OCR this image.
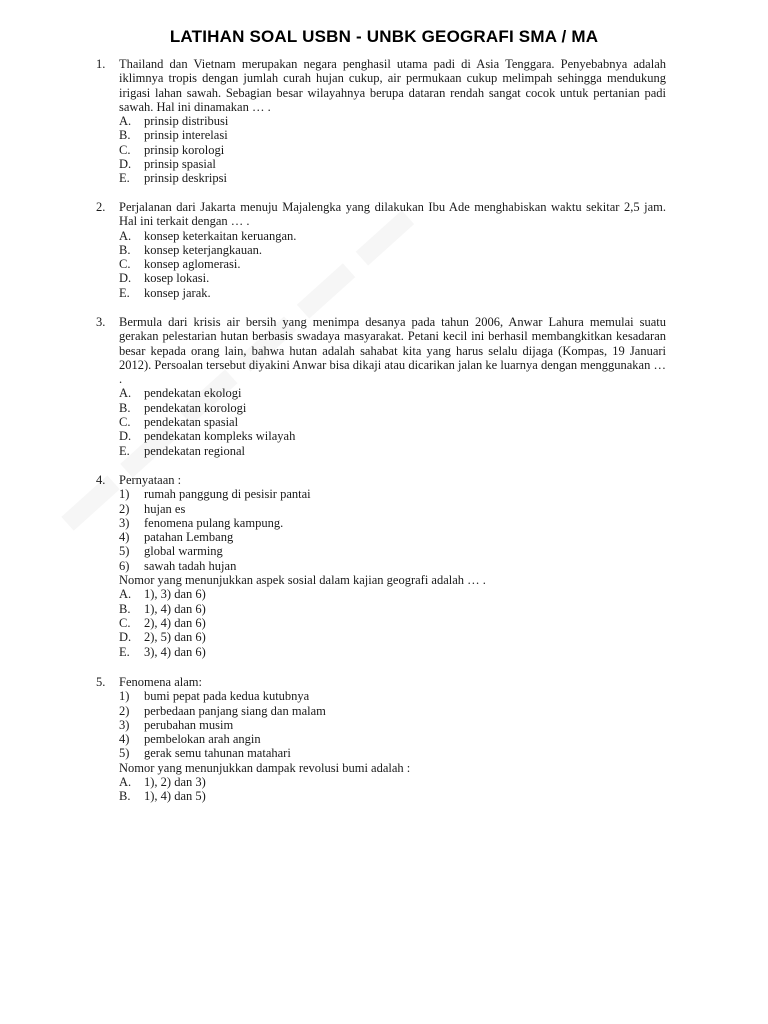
LATIHAN SOAL USBN - UNBK GEOGRAFI SMA / MA
1. Thailand dan Vietnam merupakan negara penghasil utama padi di Asia Tenggara. Penyebabnya adalah iklimnya tropis dengan jumlah curah hujan cukup, air permukaan cukup melimpah sehingga mendukung irigasi lahan sawah. Sebagian besar wilayahnya berupa dataran rendah sangat cocok untuk pertanian padi sawah. Hal ini dinamakan … .

A.	prinsip distribusi
B.	prinsip interelasi
C.	prinsip korologi
D.	prinsip spasial
E.	prinsip deskripsi
2. Perjalanan dari Jakarta menuju Majalengka yang dilakukan Ibu Ade menghabiskan waktu sekitar 2,5 jam. Hal ini terkait dengan … .

A.	konsep keterkaitan keruangan.
B.	konsep keterjangkauan.
C.	konsep aglomerasi.
D.	kosep lokasi.
E.	konsep jarak.
3. Bermula dari krisis air bersih yang menimpa desanya pada tahun 2006, Anwar Lahura memulai suatu gerakan pelestarian hutan berbasis swadaya masyarakat. Petani kecil ini berhasil membangkitkan kesadaran besar kepada orang lain, bahwa hutan adalah sahabat kita yang harus selalu dijaga (Kompas, 19 Januari 2012). Persoalan tersebut diyakini Anwar bisa dikaji atau dicarikan jalan ke luarnya dengan menggunakan … .

A.	pendekatan ekologi
B.	pendekatan korologi
C.	pendekatan spasial
D.	pendekatan kompleks wilayah
E.	pendekatan regional
4. Pernyataan :
1)	rumah panggung di pesisir pantai
2)	hujan es
3)	fenomena pulang kampung.
4)	patahan Lembang
5)	global warming
6)	sawah tadah hujan
Nomor yang menunjukkan aspek sosial dalam kajian geografi adalah … .
A.	1), 3) dan 6)
B.	1), 4) dan 6)
C.	2), 4) dan 6)
D.	2), 5) dan 6)
E.	3), 4) dan 6)
5. Fenomena alam:
1)	bumi pepat pada kedua kutubnya
2)	perbedaan panjang siang dan malam
3)	perubahan musim
4)	pembelokan arah angin
5)	gerak semu tahunan matahari
Nomor yang menunjukkan dampak revolusi bumi adalah :
A.	1), 2) dan 3)
B.	1), 4) dan 5)
